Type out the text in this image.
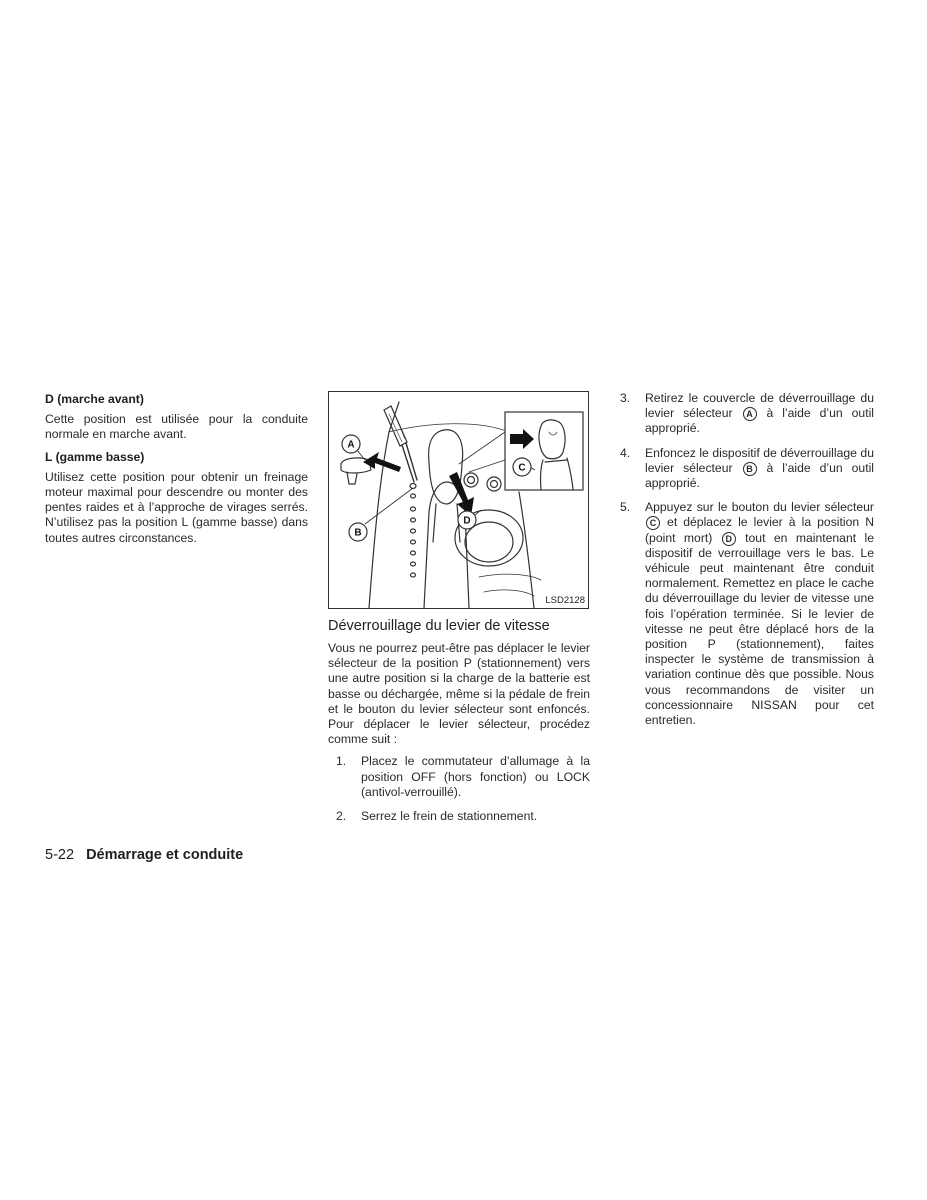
D (marche avant)

Cette position est utilisée pour la conduite normale en marche avant.

L (gamme basse)

Utilisez cette position pour obtenir un freinage moteur maximal pour descendre ou monter des pentes raides et à l’approche de virages serrés. N’utilisez pas la position L (gamme basse) dans toutes autres circonstances.

A
B
D
C
LSD2128
Déverrouillage du levier de vitesse

Vous ne pourrez peut-être pas déplacer le levier sélecteur de la position P (stationnement) vers une autre position si la charge de la batterie est basse ou déchargée, même si la pédale de frein et le bouton du levier sélecteur sont enfoncés. Pour déplacer le levier sélecteur, procédez comme suit :

1. Placez le commutateur d’allumage à la position OFF (hors fonction) ou LOCK (antivol-verrouillé).
2. Serrez le frein de stationnement.
3. Retirez le couvercle de déverrouillage du levier sélecteur A à l’aide d’un outil approprié.
4. Enfoncez le dispositif de déverrouillage du levier sélecteur B à l’aide d’un outil approprié.
5. Appuyez sur le bouton du levier sélecteur C et déplacez le levier à la position N (point mort) D tout en maintenant le dispositif de verrouillage vers le bas. Le véhicule peut maintenant être conduit normalement. Remettez en place le cache du déverrouillage du levier de vitesse une fois l’opération terminée. Si le levier de vitesse ne peut être déplacé hors de la position P (stationnement), faites inspecter le système de transmission à variation continue dès que possible. Nous vous recommandons de visiter un concessionnaire NISSAN pour cet entretien.
5-22 Démarrage et conduite
